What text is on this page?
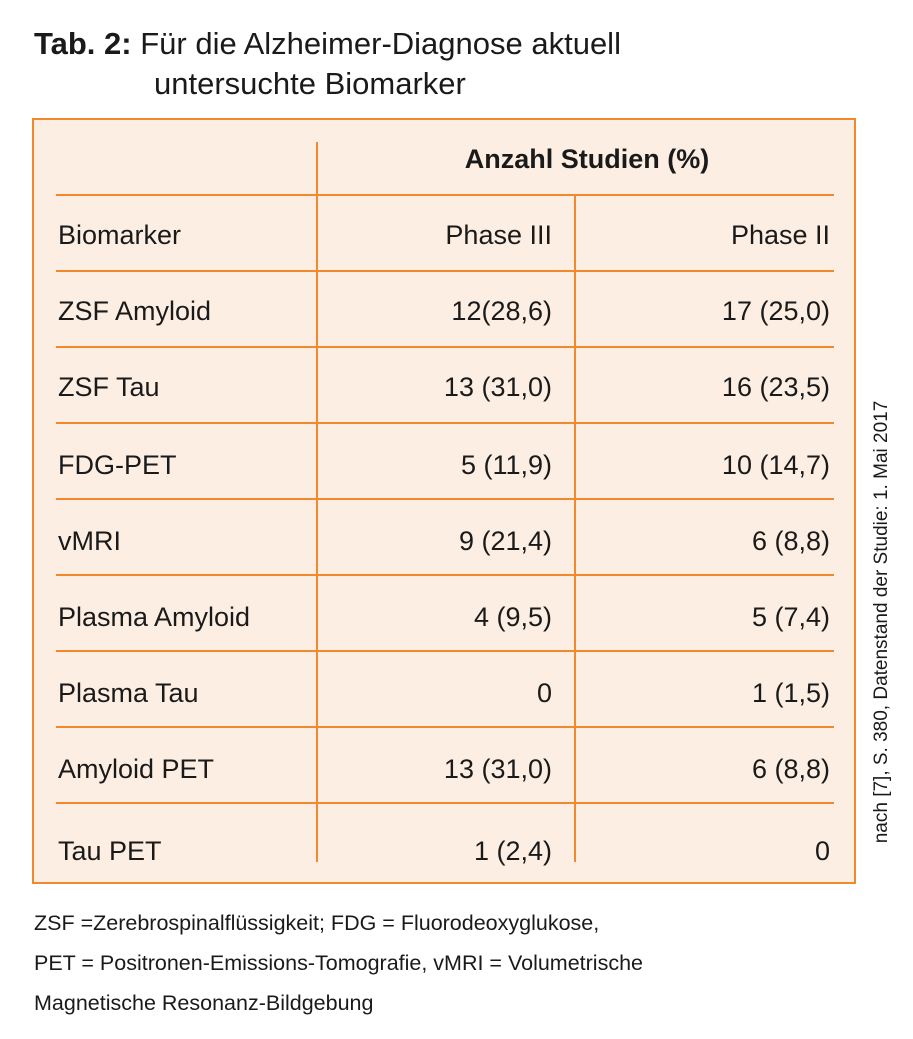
Tab. 2: Für die Alzheimer-Diagnose aktuell
untersuchte Biomarker
Anzahl Studien (%)
Biomarker	Phase III	Phase II
ZSF Amyloid	12(28,6)	17 (25,0)
ZSF Tau	13 (31,0)	16 (23,5)
FDG-PET	5 (11,9)	10 (14,7)
vMRI	9 (21,4)	6 (8,8)
Plasma Amyloid	4 (9,5)	5 (7,4)
Plasma Tau	0	1 (1,5)
Amyloid PET	13 (31,0)	6 (8,8)
Tau PET	1 (2,4)	0
nach [7], S. 380, Datenstand der Studie: 1. Mai 2017
ZSF =Zerebrospinalflüssigkeit; FDG = Fluorodeoxyglukose,
PET = Positronen-Emissions-Tomografie, vMRI = Volumetrische
Magnetische Resonanz-Bildgebung
